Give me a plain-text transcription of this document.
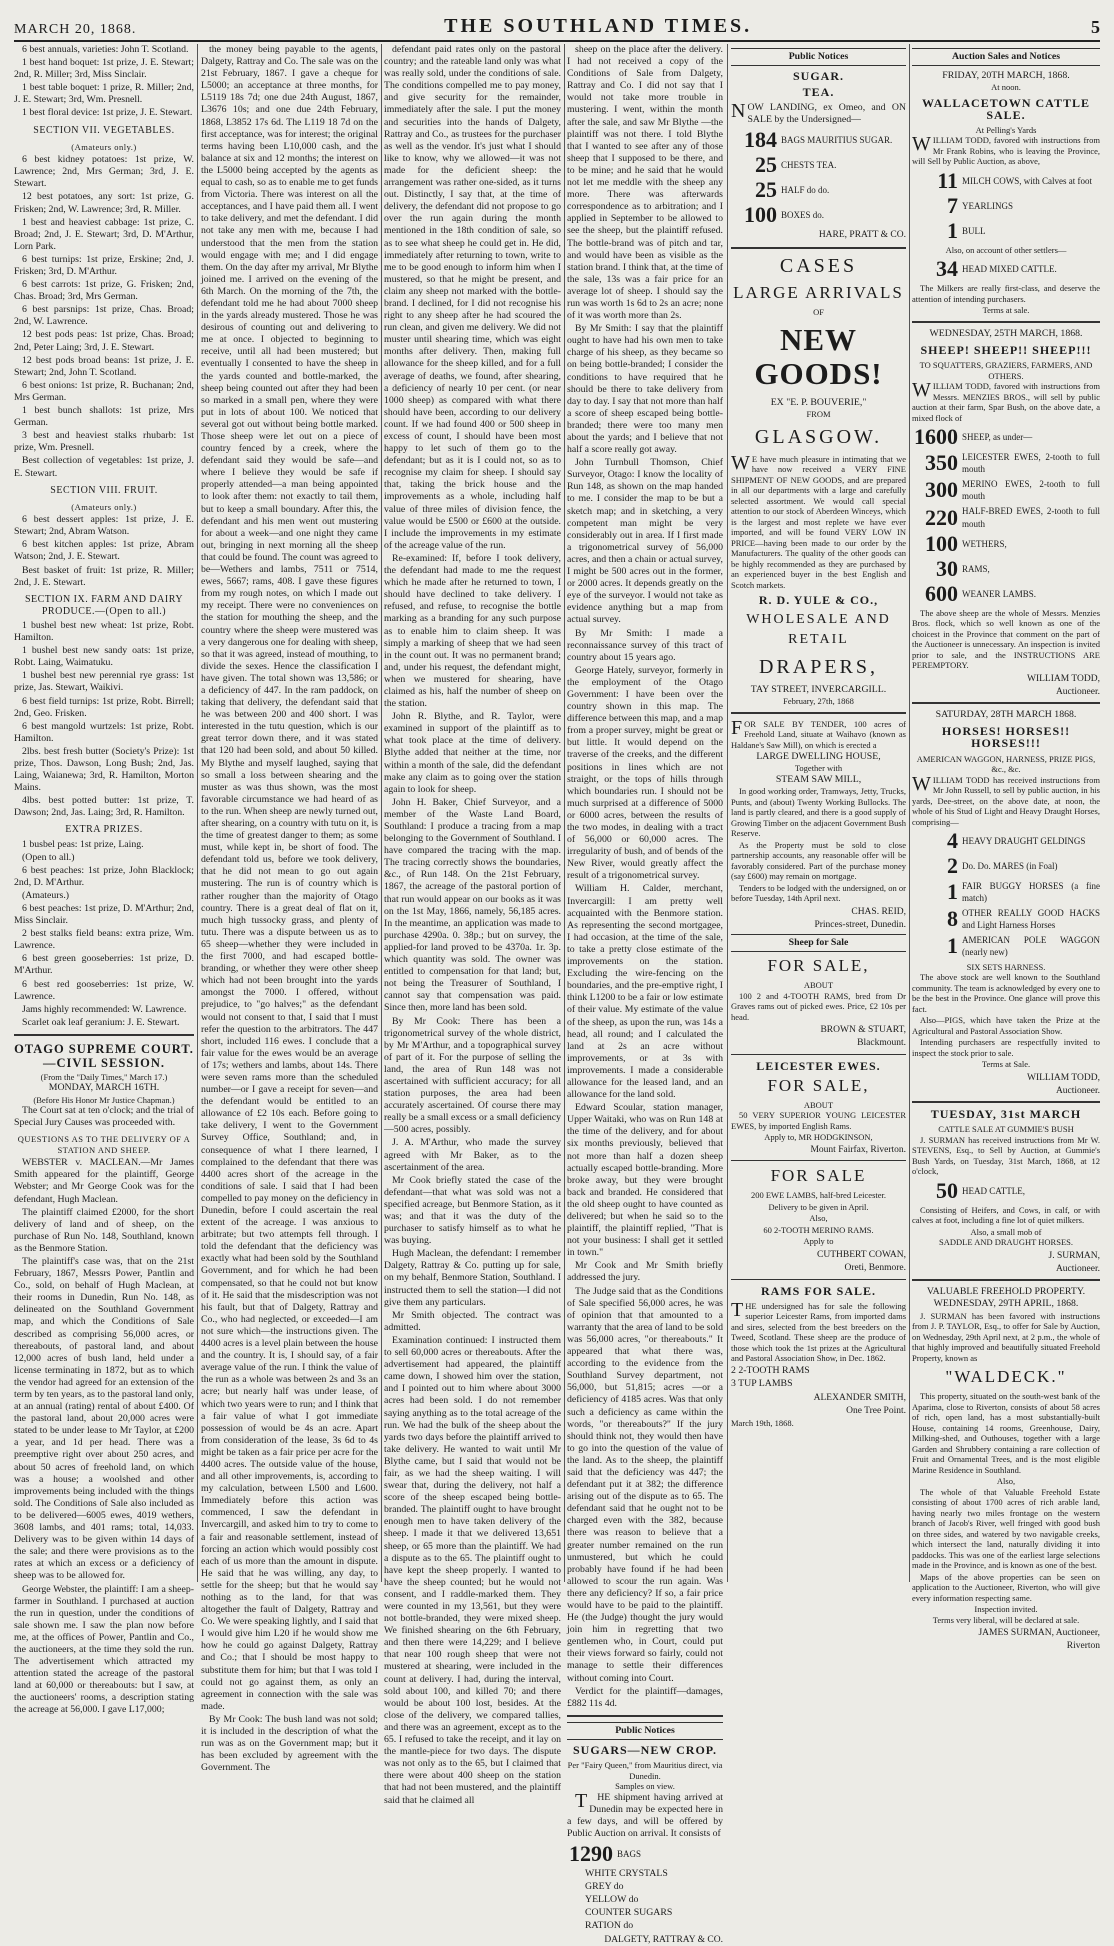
MARCH 20, 1868.	THE SOUTHLAND TIMES.	5

6 best annuals, varieties: John T. Scotland.

1 best hand boquet: 1st prize, J. E. Stewart; 2nd, R. Miller; 3rd, Miss Sinclair.

1 best table boquet: 1 prize, R. Miller; 2nd, J. E. Stewart; 3rd, Wm. Presnell.

1 best floral device: 1st prize, J. E. Stewart.

SECTION VII. VEGETABLES.
(Amateurs only.)

6 best kidney potatoes: 1st prize, W. Lawrence; 2nd, Mrs German; 3rd, J. E. Stewart.

12 best potatoes, any sort: 1st prize, G. Frisken; 2nd, W. Lawrence; 3rd, R. Miller.

1 best and heaviest cabbage: 1st prize, C. Broad; 2nd, J. E. Stewart; 3rd, D. M'Arthur, Lorn Park.

6 best turnips: 1st prize, Erskine; 2nd, J. Frisken; 3rd, D. M'Arthur.

6 best carrots: 1st prize, G. Frisken; 2nd, Chas. Broad; 3rd, Mrs German.

6 best parsnips: 1st prize, Chas. Broad; 2nd, W. Lawrence.

12 best pods peas: 1st prize, Chas. Broad; 2nd, Peter Laing; 3rd, J. E. Stewart.

12 best pods broad beans: 1st prize, J. E. Stewart; 2nd, John T. Scotland.

6 best onions: 1st prize, R. Buchanan; 2nd, Mrs German.

1 best bunch shallots: 1st prize, Mrs German.

3 best and heaviest stalks rhubarb: 1st prize, Wm. Presnell.

Best collection of vegetables: 1st prize, J. E. Stewart.

SECTION VIII. FRUIT.
(Amateurs only.)

6 best dessert apples: 1st prize, J. E. Stewart; 2nd, Abram Watson.

6 best kitchen apples: 1st prize, Abram Watson; 2nd, J. E. Stewart.

Best basket of fruit: 1st prize, R. Miller; 2nd, J. E. Stewart.

SECTION IX. FARM AND DAIRY PRODUCE.—(Open to all.)

1 bushel best new wheat: 1st prize, Robt. Hamilton.

1 bushel best new sandy oats: 1st prize, Robt. Laing, Waimatuku.

1 bushel best new perennial rye grass: 1st prize, Jas. Stewart, Waikivi.

6 best field turnips: 1st prize, Robt. Birrell; 2nd, Geo. Frisken.

6 best mangold wurtzels: 1st prize, Robt. Hamilton.

2lbs. best fresh butter (Society's Prize): 1st prize, Thos. Dawson, Long Bush; 2nd, Jas. Laing, Waianewa; 3rd, R. Hamilton, Morton Mains.

4lbs. best potted butter: 1st prize, T. Dawson; 2nd, Jas. Laing; 3rd, R. Hamilton.

EXTRA PRIZES.

1 busbel peas: 1st prize, Laing.

(Open to all.)

6 best peaches: 1st prize, John Blacklock; 2nd, D. M'Arthur.

(Amateurs.)

6 best peaches: 1st prize, D. M'Arthur; 2nd, Miss Sinclair.

2 best stalks field beans: extra prize, Wm. Lawrence.

6 best green gooseberries: 1st prize, D. M'Arthur.

6 best red gooseberries: 1st prize, W. Lawrence.

Jams highly recommended: W. Lawrence.

Scarlet oak leaf geranium: J. E. Stewart.

OTAGO SUPREME COURT.—CIVIL SESSION.
(From the "Daily Times," March 17.)
MONDAY, MARCH 16TH.
(Before His Honor Mr Justice Chapman.)

The Court sat at ten o'clock; and the trial of Special Jury Causes was proceeded with.

QUESTIONS AS TO THE DELIVERY OF A STATION AND SHEEP.

WEBSTER v. MACLEAN.—Mr James Smith appeared for the plaintiff, George Webster; and Mr George Cook was for the defendant, Hugh Maclean.

The plaintiff claimed £2000, for the short delivery of land and of sheep, on the purchase of Run No. 148, Southland, known as the Benmore Station.

The plaintiff's case was, that on the 21st February, 1867, Messrs Power, Pantlin and Co., sold, on behalf of Hugh Maclean, at their rooms in Dunedin, Run No. 148, as delineated on the Southland Government map, and which the Conditions of Sale described as comprising 56,000 acres, or thereabouts, of pastoral land, and about 12,000 acres of bush land, held under a license terminating in 1872, but as to which the vendor had agreed for an extension of the term by ten years, as to the pastoral land only, at an annual (rating) rental of about £400. Of the pastoral land, about 20,000 acres were stated to be under lease to Mr Taylor, at £200 a year, and 1d per head. There was a preemptive right over about 250 acres, and about 50 acres of freehold land, on which was a house; a woolshed and other improvements being included with the things sold. The Conditions of Sale also included as to be delivered—6005 ewes, 4019 wethers, 3608 lambs, and 401 rams; total, 14,033. Delivery was to be given within 14 days of the sale; and there were provisions as to the rates at which an excess or a deficiency of sheep was to be allowed for.

George Webster, the plaintiff: I am a sheep-farmer in Southland. I purchased at auction the run in question, under the conditions of sale shown me. I saw the plan now before me, at the offices of Power, Pantlin and Co., the auctioneers, at the time they sold the run. The advertisement which attracted my attention stated the acreage of the pastoral land at 60,000 or thereabouts: but I saw, at the auctioneers' rooms, a description stating the acreage at 56,000. I gave L17,000;

the money being payable to the agents, Dalgety, Rattray and Co. The sale was on the 21st February, 1867. I gave a cheque for L5000; an acceptance at three months, for L5119 18s 7d; one due 24th August, 1867, L3676 10s; and one due 24th February, 1868, L3852 17s 6d. The L119 18 7d on the first acceptance, was for interest; the original terms having been L10,000 cash, and the balance at six and 12 months; the interest on the L5000 being accepted by the agents as equal to cash, so as to enable me to get funds from Victoria. There was interest on all the acceptances, and I have paid them all. I went to take delivery, and met the defendant. I did not take any men with me, because I had understood that the men from the station would engage with me; and I did engage them. On the day after my arrival, Mr Blythe joined me. I arrived on the evening of the 6th March. On the morning of the 7th, the defendant told me he had about 7000 sheep in the yards already mustered. Those he was desirous of counting out and delivering to me at once. I objected to beginning to receive, until all had been mustered; but eventually I consented to have the sheep in the yards counted and bottle-marked, the sheep being counted out after they had been so marked in a small pen, where they were put in lots of about 100. We noticed that several got out without being bottle marked. Those sheep were let out on a piece of country fenced by a creek, where the defendant said they would be safe—and where I believe they would be safe if properly attended—a man being appointed to look after them: not exactly to tail them, but to keep a small boundary. After this, the defendant and his men went out mustering for about a week—and one night they came out, bringing in next morning all the sheep that could be found. The count was agreed to be—Wethers and lambs, 7511 or 7514, ewes, 5667; rams, 408. I gave these figures from my rough notes, on which I made out my receipt. There were no conveniences on the station for mouthing the sheep, and the country where the sheep were mustered was a very dangerous one for dealing with sheep, so that it was agreed, instead of mouthing, to divide the sexes. Hence the classification I have given. The total shown was 13,586; or a deficiency of 447. In the ram paddock, on taking that delivery, the defendant said that he was between 200 and 400 short. I was interested in the tutu question, which is our great terror down there, and it was stated that 120 had been sold, and about 50 killed. My Blythe and myself laughed, saying that so small a loss between shearing and the muster as was thus shown, was the most favorable circumstance we had heard of as to the run. When sheep are newly turned out, after shearing, on a country with tutu on it, is the time of greatest danger to them; as some must, while kept in, be short of food. The defendant told us, before we took delivery, that he did not mean to go out again mustering. The run is of country which is rather rougher than the majority of Otago country. There is a great deal of flat on it, much high tussocky grass, and plenty of tutu. There was a dispute between us as to 65 sheep—whether they were included in the first 7000, and had escaped bottle-branding, or whether they were other sheep which had not been brought into the yards amongst the 7000. I offered, without prejudice, to "go halves;" as the defendant would not consent to that, I said that I must refer the question to the arbitrators. The 447 short, included 116 ewes. I conclude that a fair value for the ewes would be an average of 17s; wethers and lambs, about 14s. There were seven rams more than the scheduled number—or I gave a receipt for seven—and the defendant would be entitled to an allowance of £2 10s each. Before going to take delivery, I went to the Government Survey Office, Southland; and, in consequence of what I there learned, I complained to the defendant that there was 4400 acres short of the acreage in the conditions of sale. I said that I had been compelled to pay money on the deficiency in Dunedin, before I could ascertain the real extent of the acreage. I was anxious to arbitrate; but two attempts fell through. I told the defendant that the deficiency was exactly what had been sold by the Southland Government, and for which he had been compensated, so that he could not but know of it. He said that the misdescription was not his fault, but that of Dalgety, Rattray and Co., who had neglected, or exceeded—I am not sure which—the instructions given. The 4400 acres is a level plain between the house and the country. It is, I should say, of a fair average value of the run. I think the value of the run as a whole was between 2s and 3s an acre; but nearly half was under lease, of which two years were to run; and I think that a fair value of what I got immediate possession of would be 4s an acre. Apart from consideration of the lease, 3s 6d to 4s might be taken as a fair price per acre for the 4400 acres. The outside value of the house, and all other improvements, is, according to my calculation, between L500 and L600. Immediately before this action was commenced, I saw the defendant in Invercargill, and asked him to try to come to a fair and reasonable settlement, instead of forcing an action which would possibly cost each of us more than the amount in dispute. He said that he was willing, any day, to settle for the sheep; but that he would say nothing as to the land, for that was altogether the fault of Dalgety, Rattray and Co. We were speaking lightly, and I said that I would give him L20 if he would show me how he could go against Dalgety, Rattray and Co.; that I should be most happy to substitute them for him; but that I was told I could not go against them, as only an agreement in connection with the sale was made.

By Mr Cook: The bush land was not sold; it is included in the description of what the run was as on the Government map; but it has been excluded by agreement with the Government. The

defendant paid rates only on the pastoral country; and the rateable land only was what was really sold, under the conditions of sale. The conditions compelled me to pay money, and give security for the remainder, immediately after the sale. I put the money and securities into the hands of Dalgety, Rattray and Co., as trustees for the purchaser as well as the vendor. It's just what I should like to know, why we allowed—it was not made for the deficient sheep: the arrangement was rather one-sided, as it turns out. Distinctly, I say that, at the time of delivery, the defendant did not propose to go over the run again during the month mentioned in the 18th condition of sale, so as to see what sheep he could get in. He did, immediately after returning to town, write to me to be good enough to inform him when I mustered, so that he might be present, and claim any sheep not marked with the bottle-brand. I declined, for I did not recognise his right to any sheep after he had scoured the run clean, and given me delivery. We did not muster until shearing time, which was eight months after delivery. Then, making full allowance for the sheep killed, and for a full average of deaths, we found, after shearing, a deficiency of nearly 10 per cent. (or near 1000 sheep) as compared with what there should have been, according to our delivery count. If we had found 400 or 500 sheep in excess of count, I should have been most happy to let such of them go to the defendant; but as it is I could not, so as to recognise my claim for sheep. I should say that, taking the brick house and the improvements as a whole, including half value of three miles of division fence, the value would be £500 or £600 at the outside. I include the improvements in my estimate of the acreage value of the run.

Re-examined: If, before I took delivery, the defendant had made to me the request which he made after he returned to town, I should have declined to take delivery. I refused, and refuse, to recognise the bottle marking as a branding for any such purpose as to enable him to claim sheep. It was simply a marking of sheep that we had seen in the count out. It was no permanent brand; and, under his request, the defendant might, when we mustered for shearing, have claimed as his, half the number of sheep on the station.

John R. Blythe, and R. Taylor, were examined in support of the plaintiff as to what took place at the time of delivery. Blythe added that neither at the time, nor within a month of the sale, did the defendant make any claim as to going over the station again to look for sheep.

John H. Baker, Chief Surveyor, and a member of the Waste Land Board, Southland: I produce a tracing from a map belonging to the Government of Southland. I have compared the tracing with the map. The tracing correctly shows the boundaries, &c., of Run 148. On the 21st February, 1867, the acreage of the pastoral portion of that run would appear on our books as it was on the 1st May, 1866, namely, 56,185 acres. In the meantime, an application was made to purchase 4290a. 0. 38p.; but on survey, the applied-for land proved to be 4370a. 1r. 3p. which quantity was sold. The owner was entitled to compensation for that land; but, not being the Treasurer of Southland, I cannot say that compensation was paid. Since then, more land has been sold.

By Mr Cook: There has been a trigonometrical survey of the whole district, by Mr M'Arthur, and a topographical survey of part of it. For the purpose of selling the land, the area of Run 148 was not ascertained with sufficient accuracy; for all station purposes, the area had been accurately ascertained. Of course there may really be a small excess or a small deficiency—500 acres, possibly.

J. A. M'Arthur, who made the survey agreed with Mr Baker, as to the ascertainment of the area.

Mr Cook briefly stated the case of the defendant—that what was sold was not a specified acreage, but Benmore Station, as it was; and that it was the duty of the purchaser to satisfy himself as to what he was buying.

Hugh Maclean, the defendant: I remember Dalgety, Rattray & Co. putting up for sale, on my behalf, Benmore Station, Southland. I instructed them to sell the station—I did not give them any particulars.

Mr Smith objected. The contract was admitted.

Examination continued: I instructed them to sell 60,000 acres or thereabouts. After the advertisement had appeared, the plaintiff came down, I showed him over the station, and I pointed out to him where about 3000 acres had been sold. I do not remember saying anything as to the total acreage of the run. We had the bulk of the sheep about the yards two days before the plaintiff arrived to take delivery. He wanted to wait until Mr Blythe came, but I said that would not be fair, as we had the sheep waiting. I will swear that, during the delivery, not half a score of the sheep escaped being bottle-branded. The plaintiff ought to have brought enough men to have taken delivery of the sheep. I made it that we delivered 13,651 sheep, or 65 more than the plaintiff. We had a dispute as to the 65. The plaintiff ought to have kept the sheep properly. I wanted to have the sheep counted; but he would not consent, and I raddle-marked them. They were counted in my 13,561, but they were not bottle-branded, they were mixed sheep. We finished shearing on the 6th February, and then there were 14,229; and I believe that near 100 rough sheep that were not mustered at shearing, were included in the count at delivery. I had, during the interval, sold about 100, and killed 70; and there would be about 100 lost, besides. At the close of the delivery, we compared tallies, and there was an agreement, except as to the 65. I refused to take the receipt, and it lay on the mantle-piece for two days. The dispute was not only as to the 65, but I claimed that there were about 400 sheep on the station that had not been mustered, and the plaintiff said that he claimed all

sheep on the place after the delivery. I had not received a copy of the Conditions of Sale from Dalgety, Rattray and Co. I did not say that I would not take more trouble in mustering. I went, within the month after the sale, and saw Mr Blythe —the plaintiff was not there. I told Blythe that I wanted to see after any of those sheep that I supposed to be there, and to be mine; and he said that he would not let me meddle with the sheep any more. There was afterwards correspondence as to arbitration; and I applied in September to be allowed to see the sheep, but the plaintiff refused. The bottle-brand was of pitch and tar, and would have been as visible as the station brand. I think that, at the time of the sale, 13s was a fair price for an average lot of sheep. I should say the run was worth 1s 6d to 2s an acre; none of it was worth more than 2s.

By Mr Smith: I say that the plaintiff ought to have had his own men to take charge of his sheep, as they became so on being bottle-branded; I consider the conditions to have required that he should be there to take delivery from day to day. I say that not more than half a score of sheep escaped being bottle-branded; there were too many men about the yards; and I believe that not half a score really got away.

John Turnbull Thomson, Chief Surveyor, Otago: I know the locality of Run 148, as shown on the map handed to me. I consider the map to be but a sketch map; and in sketching, a very competent man might be very considerably out in area. If I first made a trigonometrical survey of 56,000 acres, and then a chain or actual survey, I might be 500 acres out in the former, or 2000 acres. It depends greatly on the eye of the surveyor. I would not take as evidence anything but a map from actual survey.

By Mr Smith: I made a reconnaissance survey of this tract of country about 15 years ago.

George Hately, surveyor, formerly in the employment of the Otago Government: I have been over the country shown in this map. The difference between this map, and a map from a proper survey, might be great or but little. It would depend on the traverse of the creeks, and the different positions in lines which are not straight, or the tops of hills through which boundaries run. I should not be much surprised at a difference of 5000 or 6000 acres, between the results of the two modes, in dealing with a tract of 56,000 or 60,000 acres. The irregularity of bush, and of bends of the New River, would greatly affect the result of a trigonometrical survey.

William H. Calder, merchant, Invercargill: I am pretty well acquainted with the Benmore station. As representing the second mortgagee, I had occasion, at the time of the sale, to take a pretty close estimate of the improvements on the station. Excluding the wire-fencing on the boundaries, and the pre-emptive right, I think L1200 to be a fair or low estimate of their value. My estimate of the value of the sheep, as upon the run, was 14s a head, all round; and I calculated the land at 2s an acre without improvements, or at 3s with improvements. I made a considerable allowance for the leased land, and an allowance for the land sold.

Edward Scoular, station manager, Upper Waitaki, who was on Run 148 at the time of the delivery, and for about six months previously, believed that not more than half a dozen sheep actually escaped bottle-branding. More broke away, but they were brought back and branded. He considered that the old sheep ought to have counted as delivered; but when he said so to the plaintiff, the plaintiff replied, "That is not your business: I shall get it settled in town."

Mr Cook and Mr Smith briefly addressed the jury.

The Judge said that as the Conditions of Sale specified 56,000 acres, he was of opinion that that amounted to a warranty that the area of land to be sold was 56,000 acres, "or thereabouts." It appeared that what there was, according to the evidence from the Southland Survey department, not 56,000, but 51,815; acres —or a deficiency of 4185 acres. Was that only such a deficiency as came within the words, "or thereabouts?" If the jury should think not, they would then have to go into the question of the value of the land. As to the sheep, the plaintiff said that the deficiency was 447; the defendant put it at 382; the difference arising out of the dispute as to 65. The defendant said that he ought not to be charged even with the 382, because there was reason to believe that a greater number remained on the run unmustered, but which he could probably have found if he had been allowed to scour the run again. Was there any deficiency? If so, a fair price would have to be paid to the plaintiff. He (the Judge) thought the jury would join him in regretting that two gentlemen who, in Court, could put their views forward so fairly, could not manage to settle their differences without coming into Court.

Verdict for the plaintiff—damages, £882 11s 4d.

Public Notices
SUGARS—NEW CROP.
Per "Fairy Queen," from Mauritius direct, via Dunedin.
Samples on view.

THE shipment having arrived at Dunedin may be expected here in a few days, and will be offered by Public Auction on arrival. It consists of

1290 BAGS

WHITE CRYSTALS

GREY do

YELLOW do

COUNTER SUGARS

RATION do

DALGETY, RATTRAY & CO.
Public Notices
SUGAR.
TEA.

NOW LANDING, ex Omeo, and ON SALE by the Undersigned—

184 BAGS MAURITIUS SUGAR.
25 CHESTS TEA.
25 HALF do do.
100 BOXES do.
HARE, PRATT & CO.
CASES
LARGE ARRIVALS
OF
NEW GOODS!
EX "E. P. BOUVERIE,"
FROM
GLASGOW.

WE have much pleasure in intimating that we have now received a VERY FINE SHIPMENT OF NEW GOODS, and are prepared in all our departments with a large and carefully selected assortment. We would call special attention to our stock of Aberdeen Winceys, which is the largest and most replete we have ever imported, and will be found VERY LOW IN PRICE—having been made to our order by the Manufacturers. The quality of the other goods can be highly recommended as they are purchased by an experienced buyer in the best English and Scotch markets.

R. D. YULE & CO.,
WHOLESALE AND RETAIL
DRAPERS,
TAY STREET, INVERCARGILL.
February, 27th, 1868

FOR SALE BY TENDER, 100 acres of Freehold Land, situate at Waihavo (known as Haldane's Saw Mill), on which is erected a

LARGE DWELLING HOUSE,
Together with
STEAM SAW MILL,

In good working order, Tramways, Jetty, Trucks, Punts, and (about) Twenty Working Bullocks. The land is partly cleared, and there is a good supply of Growing Timber on the adjacent Government Bush Reserve.

As the Property must be sold to close partnership accounts, any reasonable offer will be favorably considered. Part of the purchase money (say £600) may remain on mortgage.

Tenders to be lodged with the undersigned, on or before Tuesday, 14th April next.

CHAS. REID,
Princes-street, Dunedin.
Sheep for Sale
FOR SALE,
ABOUT

100 2 and 4-TOOTH RAMS, bred from Dr Graves rams out of picked ewes. Price, £2 10s per head.

BROWN & STUART,
Blackmount.
LEICESTER EWES.
FOR SALE,
ABOUT

50 VERY SUPERIOR YOUNG LEICESTER EWES, by imported English Rams.

Apply to, MR HODGKINSON,
Mount Fairfax, Riverton.
FOR SALE

200 EWE LAMBS, half-bred Leicester.

Delivery to be given in April.

Also,

60 2-TOOTH MERINO RAMS.

Apply to
CUTHBERT COWAN,
Oreti, Benmore.
RAMS FOR SALE.

THE undersigned has for sale the following superior Leicester Rams, from imported dams and sires, selected from the best breeders on the Tweed, Scotland. These sheep are the produce of those which took the 1st prizes at the Agricultural and Pastoral Association Show, in Dec. 1862.

2 2-TOOTH RAMS

3 TUP LAMBS

ALEXANDER SMITH,
One Tree Point.
March 19th, 1868.
Auction Sales and Notices
FRIDAY, 20TH MARCH, 1868.
At noon.
WALLACETOWN CATTLE SALE.
At Pelling's Yards

WILLIAM TODD, favored with instructions from Mr Frank Robins, who is leaving the Province, will Sell by Public Auction, as above,

11 MILCH COWS, with Calves at foot
7 YEARLINGS
1 BULL
Also, on account of other settlers—
34 HEAD MIXED CATTLE.

The Milkers are really first-class, and deserve the attention of intending purchasers.

Terms at sale.
WEDNESDAY, 25TH MARCH, 1868.
SHEEP! SHEEP!! SHEEP!!!
TO SQUATTERS, GRAZIERS, FARMERS, AND OTHERS.

WILLIAM TODD, favored with instructions from Messrs. MENZIES BROS., will sell by public auction at their farm, Spar Bush, on the above date, a mixed flock of

1600 SHEEP, as under—
350 LEICESTER EWES, 2-tooth to full mouth
300 MERINO EWES, 2-tooth to full mouth
220 HALF-BRED EWES, 2-tooth to full mouth
100 WETHERS,
30 RAMS,
600 WEANER LAMBS.

The above sheep are the whole of Messrs. Menzies Bros. flock, which so well known as one of the choicest in the Province that comment on the part of the Auctioneer is unnecessary. An inspection is invited prior to sale, and the INSTRUCTIONS ARE PEREMPTORY.

WILLIAM TODD,
Auctioneer.
SATURDAY, 28TH MARCH 1868.
HORSES! HORSES!! HORSES!!!
AMERICAN WAGGON, HARNESS, PRIZE PIGS, &c., &c.

WILLIAM TODD has received instructions from Mr John Russell, to sell by public auction, in his yards, Dee-street, on the above date, at noon, the whole of his Stud of Light and Heavy Draught Horses, comprising—

4 HEAVY DRAUGHT GELDINGS
2 Do. Do. MARES (in Foal)
1 FAIR BUGGY HORSES (a fine match)
8 OTHER REALLY GOOD HACKS and Light Harness Horses
1 AMERICAN POLE WAGGON (nearly new)
SIX SETS HARNESS.

The above stock are well known to the Southland community. The team is acknowledged by every one to be the best in the Province. One glance will prove this fact.

Also—PIGS, which have taken the Prize at the Agricultural and Pastoral Association Show.

Intending purchasers are respectfully invited to inspect the stock prior to sale.

Terms at Sale.
WILLIAM TODD,
Auctioneer.
TUESDAY, 31st MARCH
CATTLE SALE AT GUMMIE'S BUSH

J. SURMAN has received instructions from Mr W. STEVENS, Esq., to Sell by Auction, at Gummie's Bush Yards, on Tuesday, 31st March, 1868, at 12 o'clock,

50 HEAD CATTLE,

Consisting of Heifers, and Cows, in calf, or with calves at foot, including a fine lot of quiet milkers.

Also, a small mob of
SADDLE AND DRAUGHT HORSES.
J. SURMAN,
Auctioneer.
VALUABLE FREEHOLD PROPERTY.
WEDNESDAY, 29TH APRIL, 1868.

J. SURMAN has been favored with instructions from J. P. TAYLOR, Esq., to offer for Sale by Auction, on Wednesday, 29th April next, at 2 p.m., the whole of that highly improved and beautifully situated Freehold Property, known as

"WALDECK."

This property, situated on the south-west bank of the Aparima, close to Riverton, consists of about 58 acres of rich, open land, has a most substantially-built House, containing 14 rooms, Greenhouse, Dairy, Milking-shed, and Outhouses, together with a large Garden and Shrubbery containing a rare collection of Fruit and Ornamental Trees, and is the most eligible Marine Residence in Southland.

Also,

The whole of that Valuable Freehold Estate consisting of about 1700 acres of rich arable land, having nearly two miles frontage on the western branch of Jacob's River, well fringed with good bush on three sides, and watered by two navigable creeks, which intersect the land, naturally dividing it into paddocks. This was one of the earliest large selections made in the Province, and is known as one of the best.

Maps of the above properties can be seen on application to the Auctioneer, Riverton, who will give every information respecting same.

Inspection invited.
Terms very liberal, will be declared at sale.
JAMES SURMAN, Auctioneer,
Riverton
